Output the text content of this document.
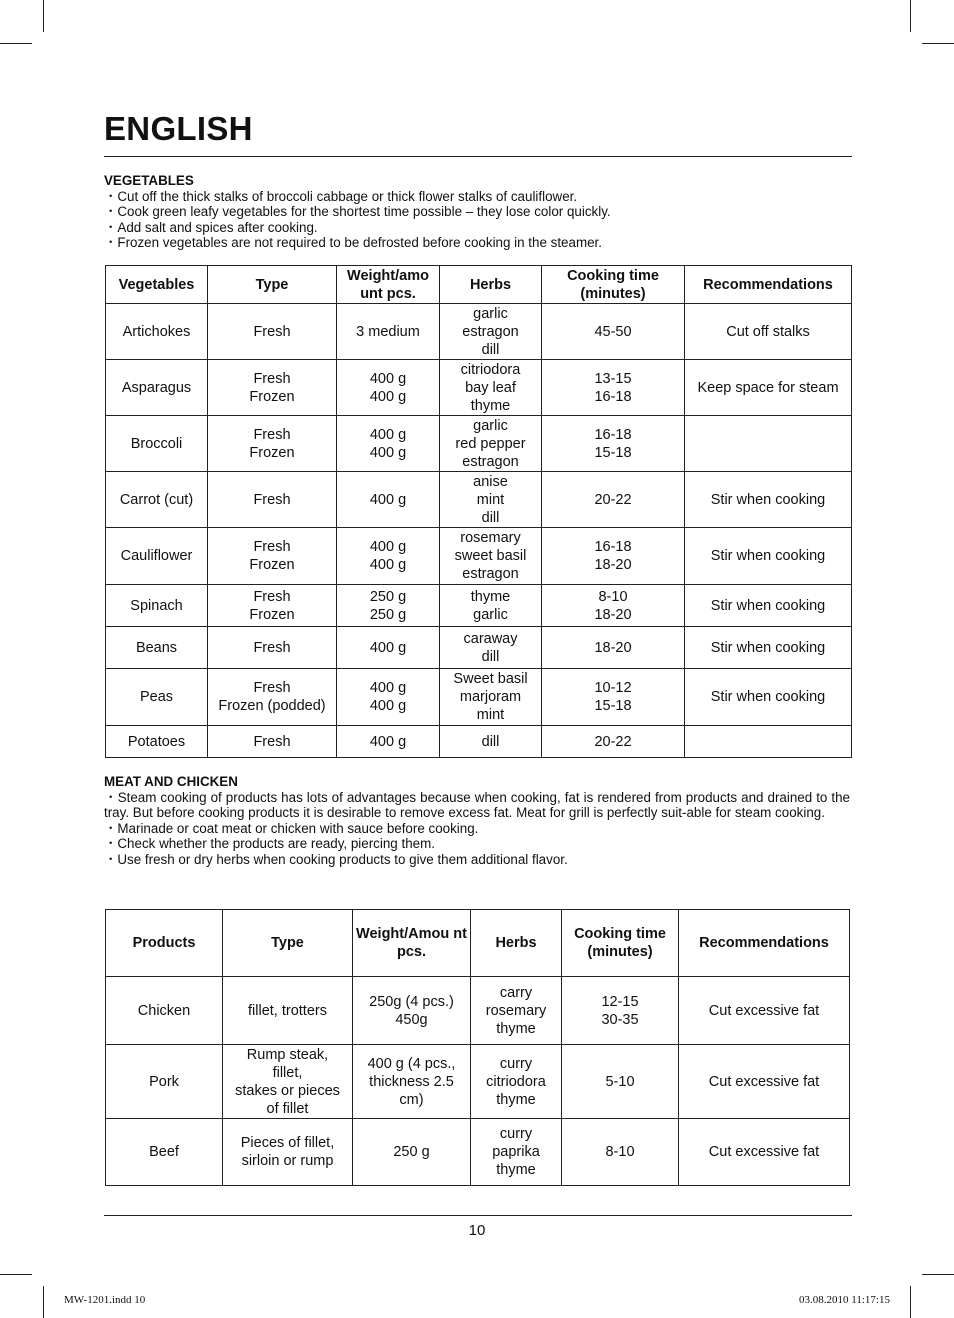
ENGLISH
VEGETABLES
・Cut off the thick stalks of broccoli cabbage or thick flower stalks of cauliflower.
・Cook green leafy vegetables for the shortest time possible – they lose color quickly.
・Add salt and spices after cooking.
・Frozen vegetables are not required to be defrosted before cooking in the steamer.
Vegetables	Type	Weight/amo unt pcs.	Herbs	Cooking time (minutes)	Recommendations
Artichokes	Fresh	3 medium	garlic
estragon
dill	45-50	Cut off stalks
Asparagus	Fresh
Frozen	400 g
400 g	citriodora
bay leaf
thyme	13-15
16-18	Keep space for steam
Broccoli	Fresh
Frozen	400 g
400 g	garlic
red pepper
estragon	16-18
15-18	
Carrot (cut)	Fresh	400 g	anise
mint
dill	20-22	Stir when cooking
Cauliflower	Fresh
Frozen	400 g
400 g	rosemary
sweet basil
estragon	16-18
18-20	Stir when cooking
Spinach	Fresh
Frozen	250 g
250 g	thyme
garlic	8-10
18-20	Stir when cooking
Beans	Fresh	400 g	caraway
dill	18-20	Stir when cooking
Peas	Fresh
Frozen (podded)	400 g
400 g	Sweet basil
marjoram
mint	10-12
15-18	Stir when cooking
Potatoes	Fresh	400 g	dill	20-22	
MEAT AND CHICKEN
・Steam cooking of products has lots of advantages because when cooking, fat is rendered from products and drained to the tray. But before cooking products it is desirable to remove excess fat. Meat for grill is perfectly suit-able for steam cooking.
・Marinade or coat meat or chicken with sauce before cooking.
・Check whether the products are ready, piercing them.
・Use fresh or dry herbs when cooking products to give them additional flavor.
Products	Type	Weight/Amou nt pcs.	Herbs	Cooking time (minutes)	Recommendations
Chicken	fillet, trotters	250g (4 pcs.)
450g	carry
rosemary
thyme	12-15
30-35	Cut excessive fat
Pork	Rump steak,
fillet,
stakes or pieces
of fillet	400 g (4 pcs.,
thickness 2.5
cm)	curry
citriodora
thyme	5-10	Cut excessive fat
Beef	Pieces of fillet,
sirloin or rump	250 g	curry
paprika
thyme	8-10	Cut excessive fat
10
MW-1201.indd 10	03.08.2010 11:17:15
